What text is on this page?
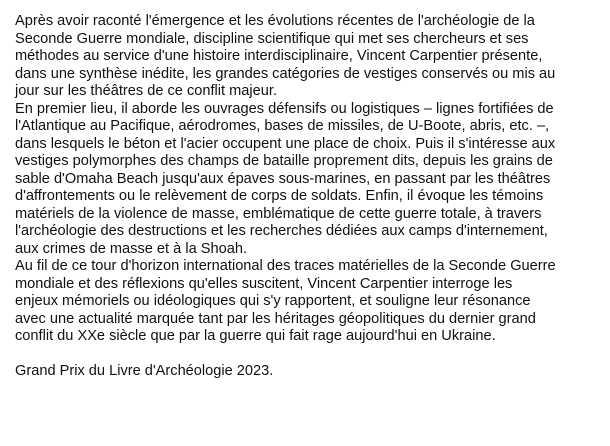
Après avoir raconté l'émergence et les évolutions récentes de l'archéologie de la
Seconde Guerre mondiale, discipline scientifique qui met ses chercheurs et ses
méthodes au service d'une histoire interdisciplinaire, Vincent Carpentier présente,
dans une synthèse inédite, les grandes catégories de vestiges conservés ou mis au
jour sur les théâtres de ce conflit majeur.
En premier lieu, il aborde les ouvrages défensifs ou logistiques – lignes fortifiées de
l'Atlantique au Pacifique, aérodromes, bases de missiles, de U-Boote, abris, etc. –,
dans lesquels le béton et l'acier occupent une place de choix. Puis il s'intéresse aux
vestiges polymorphes des champs de bataille proprement dits, depuis les grains de
sable d'Omaha Beach jusqu'aux épaves sous-marines, en passant par les théâtres
d'affrontements ou le relèvement de corps de soldats. Enfin, il évoque les témoins
matériels de la violence de masse, emblématique de cette guerre totale, à travers
l'archéologie des destructions et les recherches dédiées aux camps d'internement,
aux crimes de masse et à la Shoah.
Au fil de ce tour d'horizon international des traces matérielles de la Seconde Guerre
mondiale et des réflexions qu'elles suscitent, Vincent Carpentier interroge les
enjeux mémoriels ou idéologiques qui s'y rapportent, et souligne leur résonance
avec une actualité marquée tant par les héritages géopolitiques du dernier grand
conflit du XXe siècle que par la guerre qui fait rage aujourd'hui en Ukraine.
Grand Prix du Livre d'Archéologie 2023.
